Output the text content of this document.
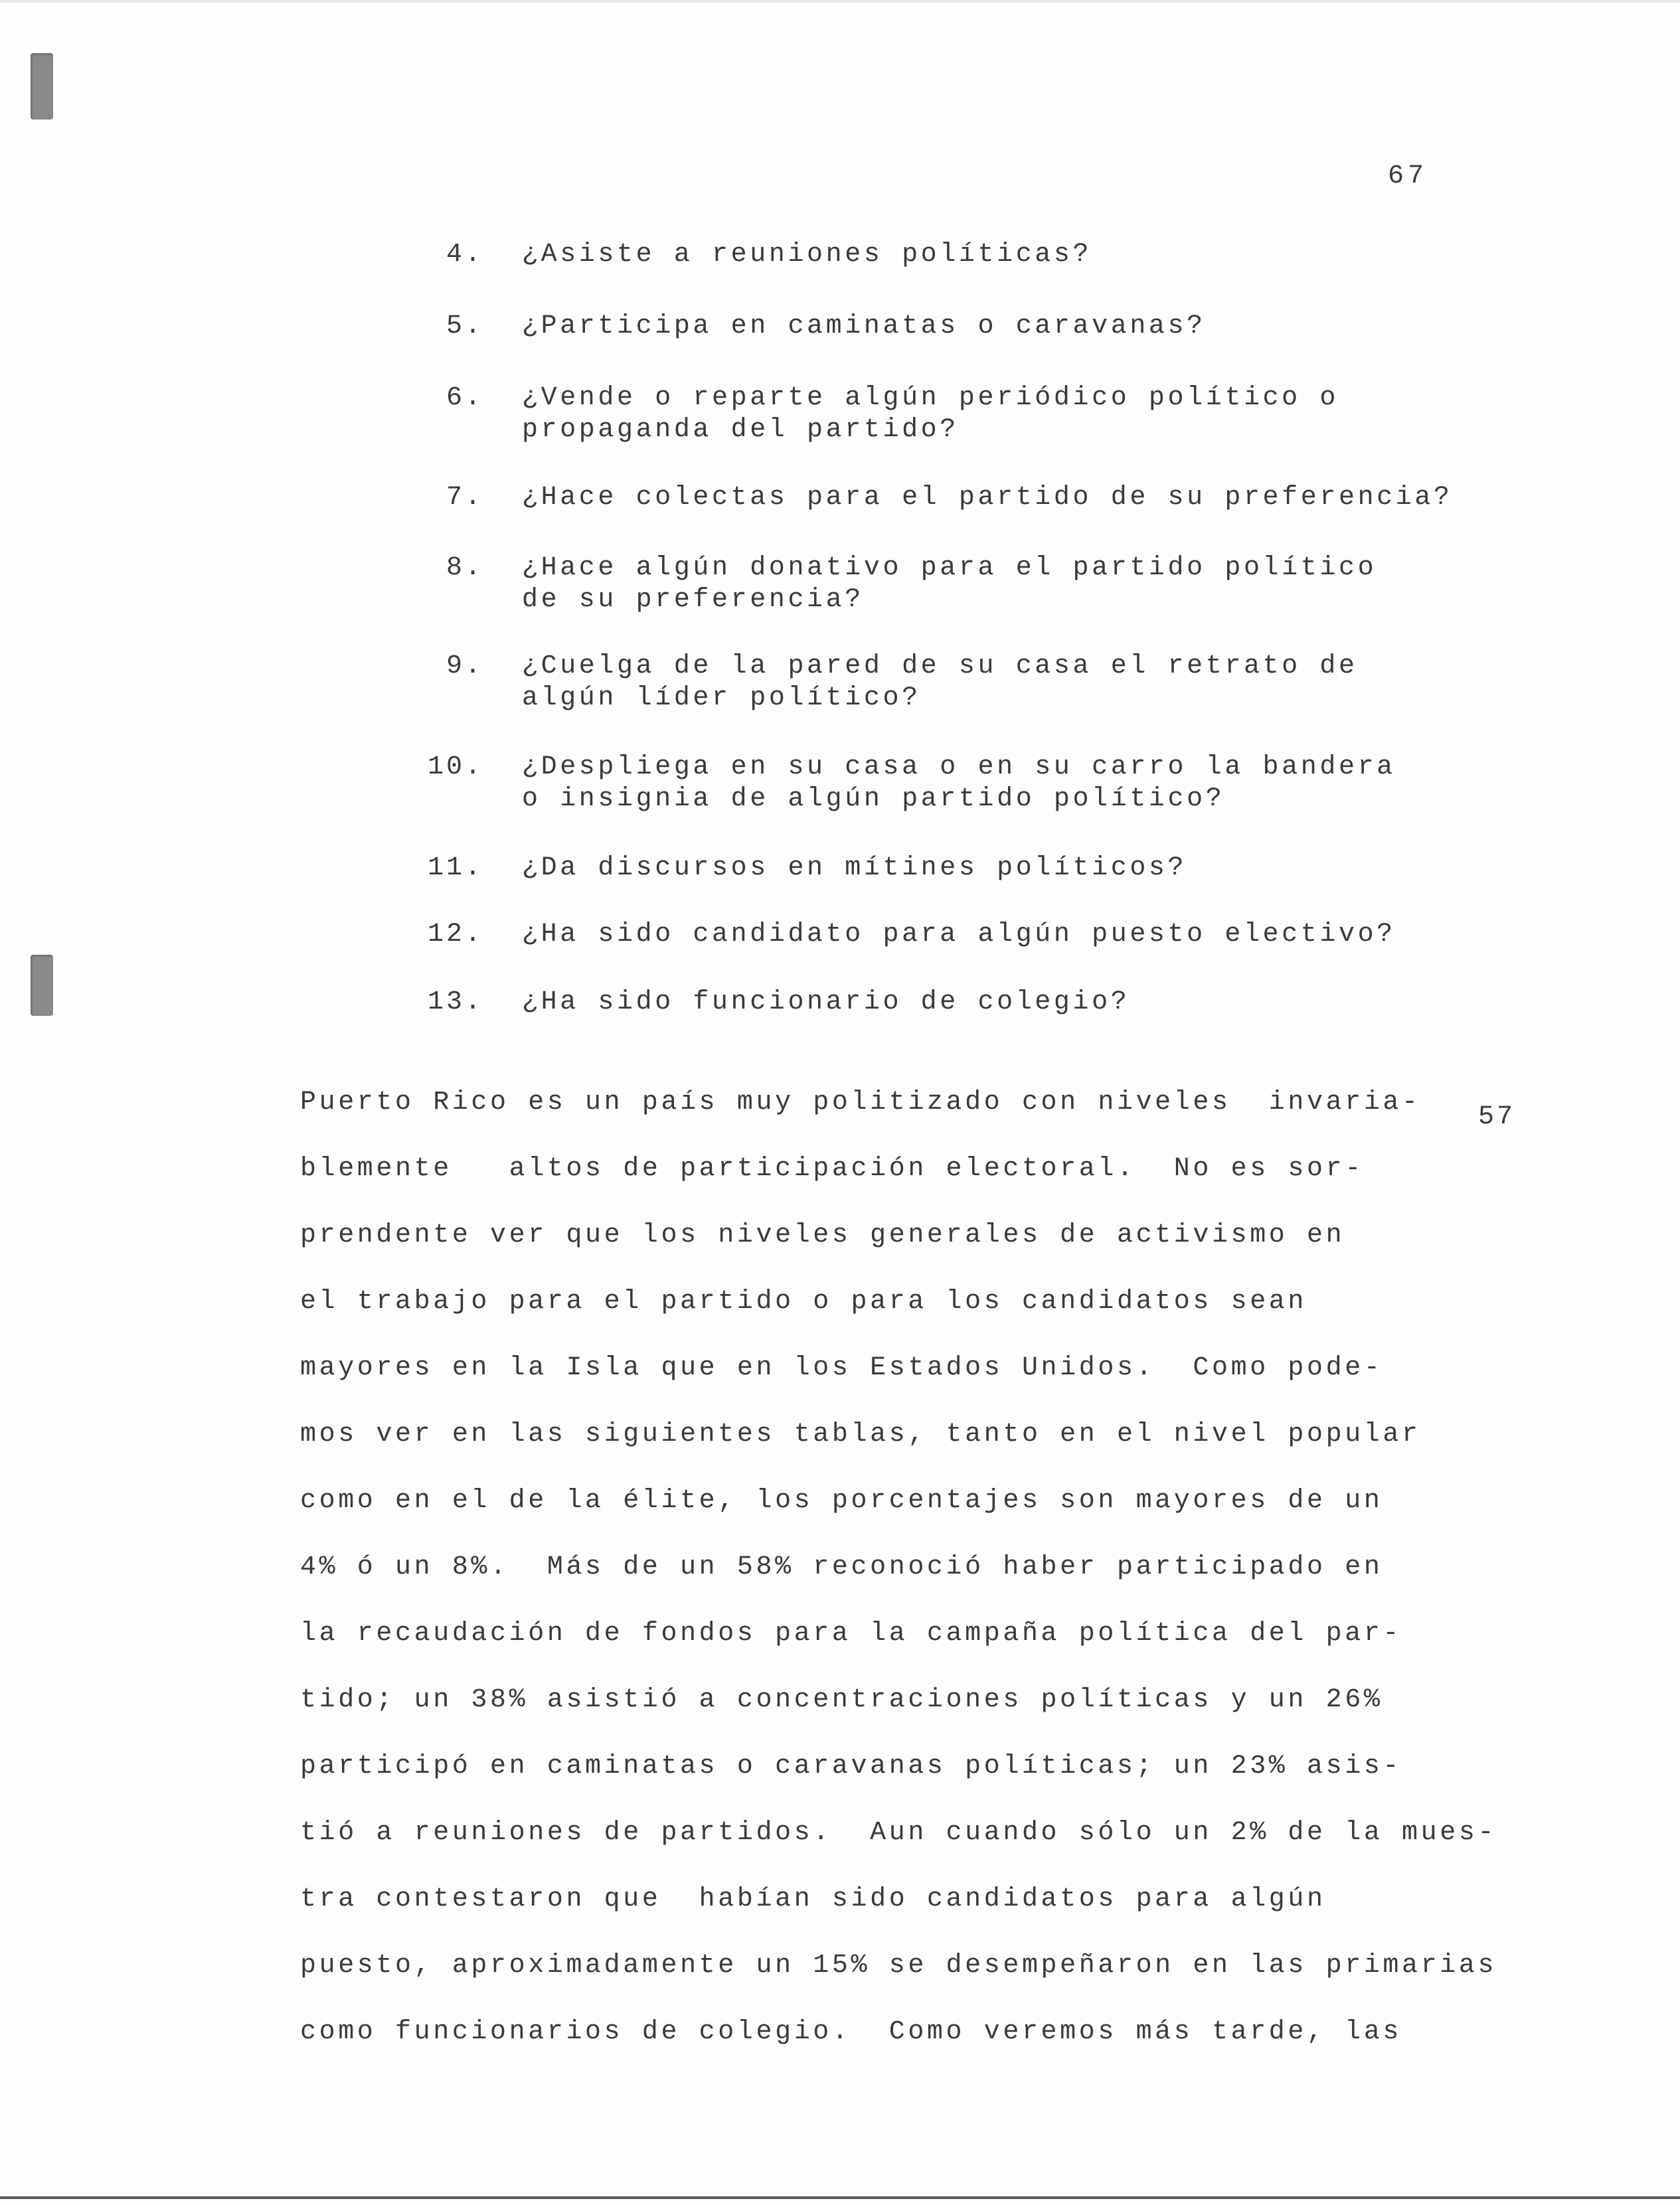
67
4. ¿Asiste a reuniones políticas?
5. ¿Participa en caminatas o caravanas?
6. ¿Vende o reparte algún periódico político o
propaganda del partido?
7. ¿Hace colectas para el partido de su preferencia?
8. ¿Hace algún donativo para el partido político
de su preferencia?
9. ¿Cuelga de la pared de su casa el retrato de
algún líder político?
10. ¿Despliega en su casa o en su carro la bandera
o insignia de algún partido político?
11. ¿Da discursos en mítines políticos?
12. ¿Ha sido candidato para algún puesto electivo?
13. ¿Ha sido funcionario de colegio?
57
Puerto Rico es un país muy politizado con niveles  invaria-
blemente   altos de participación electoral.  No es sor-
prendente ver que los niveles generales de activismo en
el trabajo para el partido o para los candidatos sean
mayores en la Isla que en los Estados Unidos.  Como pode-
mos ver en las siguientes tablas, tanto en el nivel popular
como en el de la élite, los porcentajes son mayores de un
4% ó un 8%.  Más de un 58% reconoció haber participado en
la recaudación de fondos para la campaña política del par-
tido; un 38% asistió a concentraciones políticas y un 26%
participó en caminatas o caravanas políticas; un 23% asis-
tió a reuniones de partidos.  Aun cuando sólo un 2% de la mues-
tra contestaron que  habían sido candidatos para algún
puesto, aproximadamente un 15% se desempeñaron en las primarias
como funcionarios de colegio.  Como veremos más tarde, las
